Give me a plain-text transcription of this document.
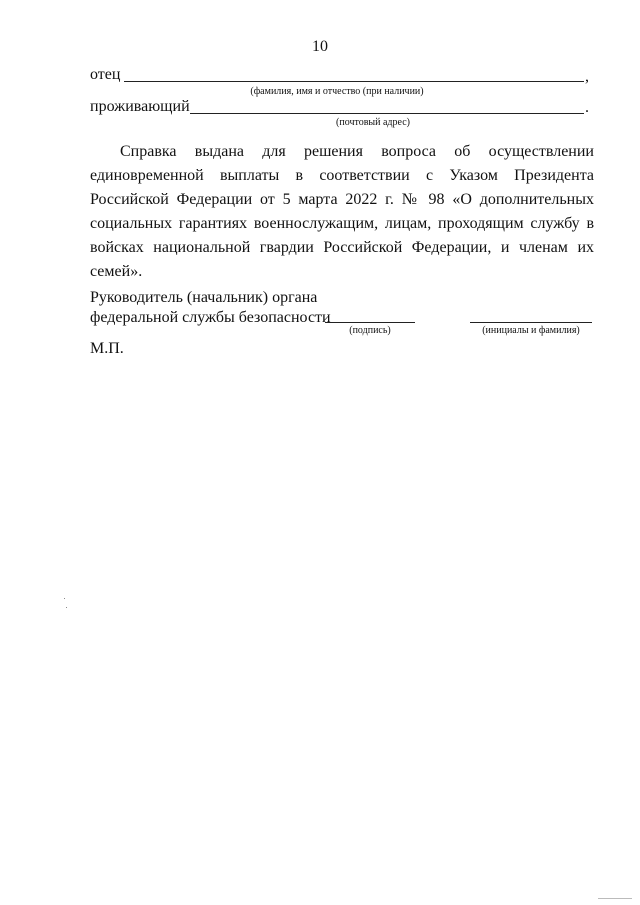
10
отец	,
(фамилия, имя и отчество (при наличии)
проживающий	.
(почтовый адрес)
Справка выдана для решения вопроса об осуществлении единовременной выплаты в соответствии с Указом Президента Российской Федерации от 5 марта 2022 г. № 98 «О дополнительных социальных гарантиях военнослужащим, лицам, проходящим службу в войсках национальной гвардии Российской Федерации, и членам их семей».
Руководитель (начальник) органа
федеральной службы безопасности
(подпись)	(инициалы и фамилия)
М.П.
